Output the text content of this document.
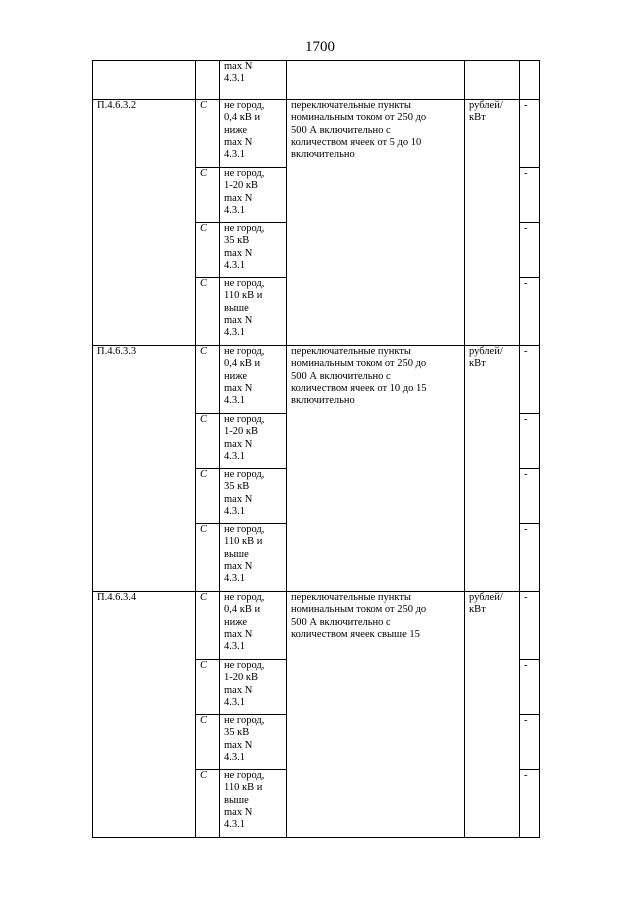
1700

		max N
4.3.1			

П.4.6.3.2	С	не город,
0,4 кВ и
ниже
max N
4.3.1	переключательные пункты
номинальным током от 250 до
500 А включительно с
количеством ячеек от 5 до 10
включительно	рублей/
кВт	-

	С	не город,
1-20 кВ
max N
4.3.1			-

	С	не город,
35 кВ
max N
4.3.1			-

	С	не город,
110 кВ и
выше
max N
4.3.1			-

П.4.6.3.3	С	не город,
0,4 кВ и
ниже
max N
4.3.1	переключательные пункты
номинальным током от 250 до
500 А включительно с
количеством ячеек от 10 до 15
включительно	рублей/
кВт	-

	С	не город,
1-20 кВ
max N
4.3.1			-

	С	не город,
35 кВ
max N
4.3.1			-

	С	не город,
110 кВ и
выше
max N
4.3.1			-

П.4.6.3.4	С	не город,
0,4 кВ и
ниже
max N
4.3.1	переключательные пункты
номинальным током от 250 до
500 А включительно с
количеством ячеек свыше 15	рублей/
кВт	-

	С	не город,
1-20 кВ
max N
4.3.1			-

	С	не город,
35 кВ
max N
4.3.1			-

	С	не город,
110 кВ и
выше
max N
4.3.1			-
